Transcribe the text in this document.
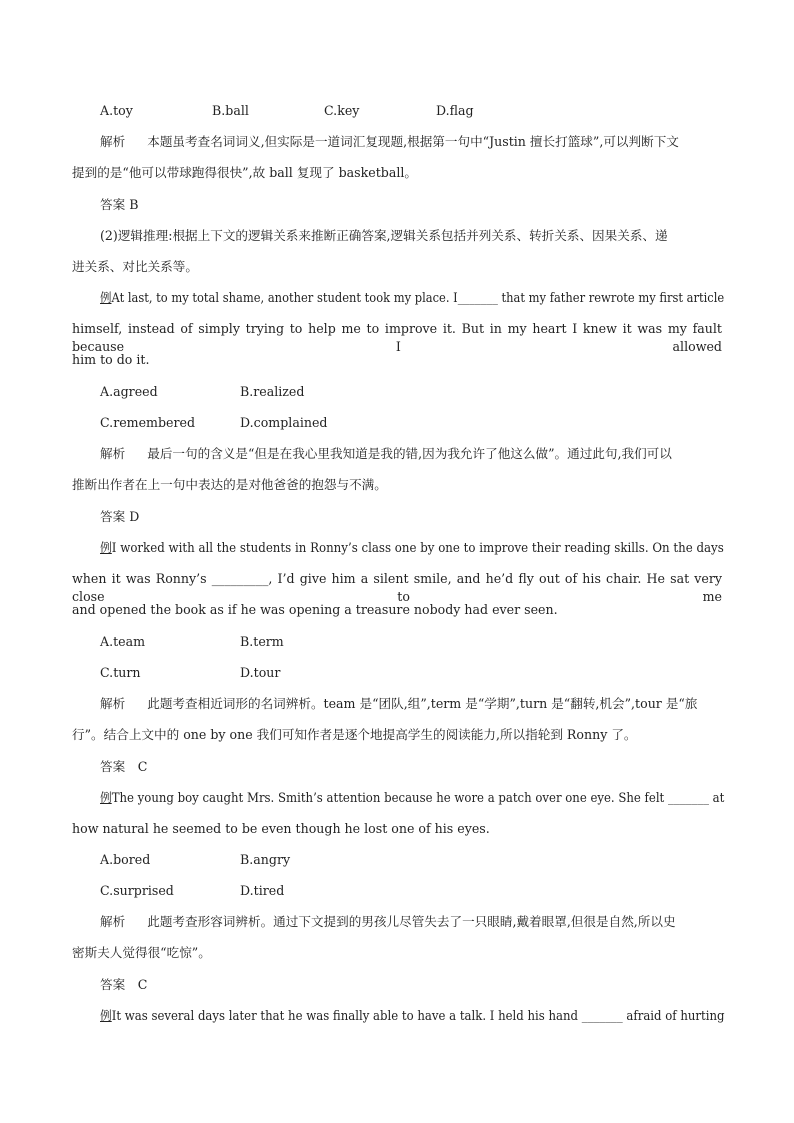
A.toy	B.ball	C.key	D.flag
解析 本题虽考查名词词义,但实际是一道词汇复现题,根据第一句中“Justin 擅长打篮球”,可以判断下文
提到的是“他可以带球跑得很快”,故 ball 复现了 basketball。
答案 B
(2)逻辑推理:根据上下文的逻辑关系来推断正确答案,逻辑关系包括并列关系、转折关系、因果关系、递
进关系、对比关系等。
例At last, to my total shame, another student took my place. I_______ that my father rewrote my first article
himself, instead of simply trying to help me to improve it. But in my heart I knew it was my fault because I allowed
him to do it.
A.agreed	B.realized
C.remembered	D.complained
解析 最后一句的含义是“但是在我心里我知道是我的错,因为我允许了他这么做”。通过此句,我们可以
推断出作者在上一句中表达的是对他爸爸的抱怨与不满。
答案 D
例I worked with all the students in Ronny’s class one by one to improve their reading skills. On the days
when it was Ronny’s _________, I’d give him a silent smile, and he’d fly out of his chair. He sat very close to me
and opened the book as if he was opening a treasure nobody had ever seen.
A.team	B.term
C.turn	D.tour
解析 此题考查相近词形的名词辨析。team 是“团队,组”,term 是“学期”,turn 是“翻转,机会”,tour 是“旅
行”。结合上文中的 one by one 我们可知作者是逐个地提高学生的阅读能力,所以指轮到 Ronny 了。
答案　C
例The young boy caught Mrs. Smith’s attention because he wore a patch over one eye. She felt _______ at
how natural he seemed to be even though he lost one of his eyes.
A.bored	B.angry
C.surprised	D.tired
解析 此题考查形容词辨析。通过下文提到的男孩儿尽管失去了一只眼睛,戴着眼罩,但很是自然,所以史
密斯夫人觉得很“吃惊”。
答案　C
例It was several days later that he was finally able to have a talk. I held his hand _______ afraid of hurting
